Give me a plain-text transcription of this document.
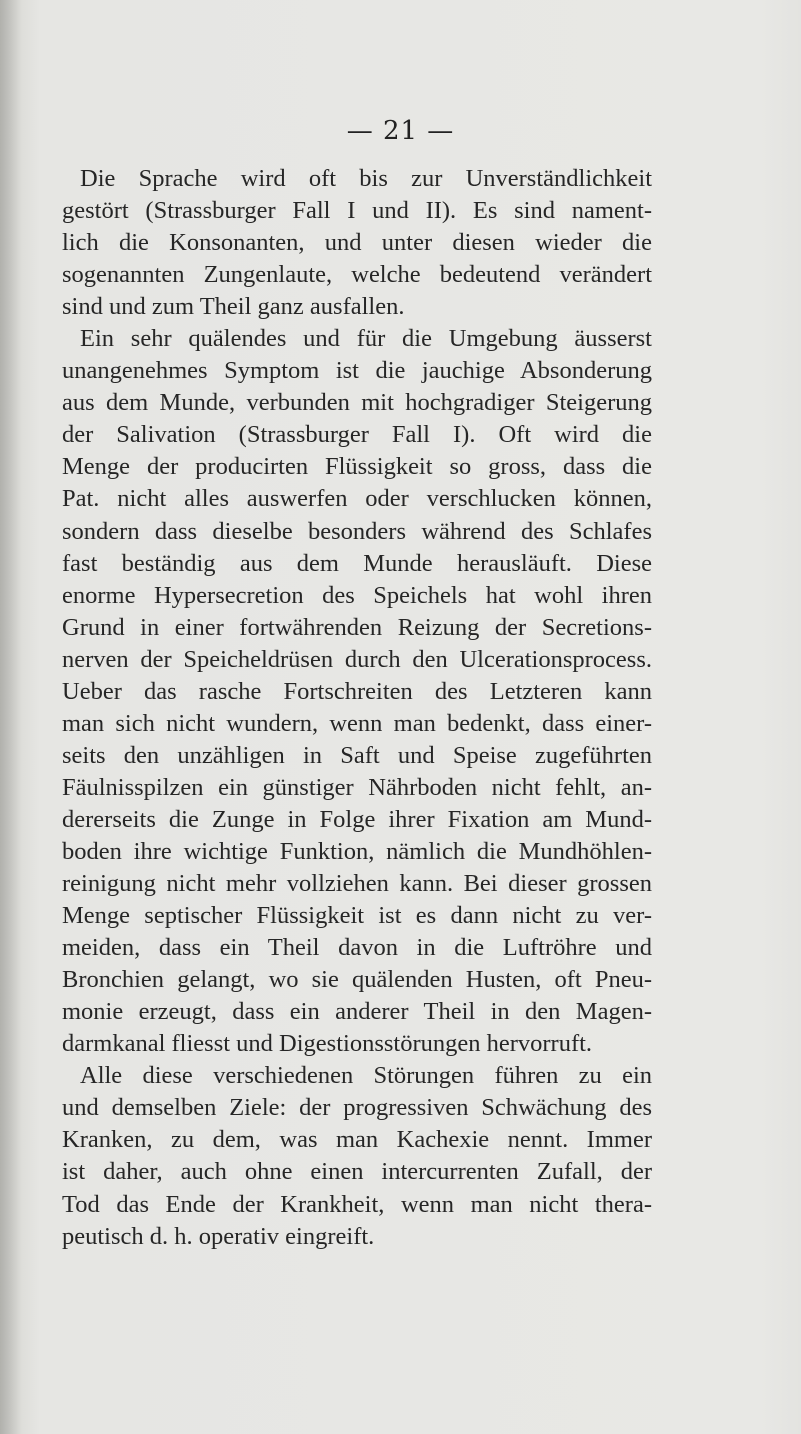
— 21 —
Die Sprache wird oft bis zur Unverständlichkeit
gestört (Strassburger Fall I und II). Es sind nament-
lich die Konsonanten, und unter diesen wieder die
sogenannten Zungenlaute, welche bedeutend verändert
sind und zum Theil ganz ausfallen.
Ein sehr quälendes und für die Umgebung äusserst
unangenehmes Symptom ist die jauchige Absonderung
aus dem Munde, verbunden mit hochgradiger Steigerung
der Salivation (Strassburger Fall I). Oft wird die
Menge der producirten Flüssigkeit so gross, dass die
Pat. nicht alles auswerfen oder verschlucken können,
sondern dass dieselbe besonders während des Schlafes
fast beständig aus dem Munde herausläuft. Diese
enorme Hypersecretion des Speichels hat wohl ihren
Grund in einer fortwährenden Reizung der Secretions-
nerven der Speicheldrüsen durch den Ulcerationsprocess.
Ueber das rasche Fortschreiten des Letzteren kann
man sich nicht wundern, wenn man bedenkt, dass einer-
seits den unzähligen in Saft und Speise zugeführten
Fäulnisspilzen ein günstiger Nährboden nicht fehlt, an-
dererseits die Zunge in Folge ihrer Fixation am Mund-
boden ihre wichtige Funktion, nämlich die Mundhöhlen-
reinigung nicht mehr vollziehen kann. Bei dieser grossen
Menge septischer Flüssigkeit ist es dann nicht zu ver-
meiden, dass ein Theil davon in die Luftröhre und
Bronchien gelangt, wo sie quälenden Husten, oft Pneu-
monie erzeugt, dass ein anderer Theil in den Magen-
darmkanal fliesst und Digestionsstörungen hervorruft.
Alle diese verschiedenen Störungen führen zu ein
und demselben Ziele: der progressiven Schwächung des
Kranken, zu dem, was man Kachexie nennt. Immer
ist daher, auch ohne einen intercurrenten Zufall, der
Tod das Ende der Krankheit, wenn man nicht thera-
peutisch d. h. operativ eingreift.
